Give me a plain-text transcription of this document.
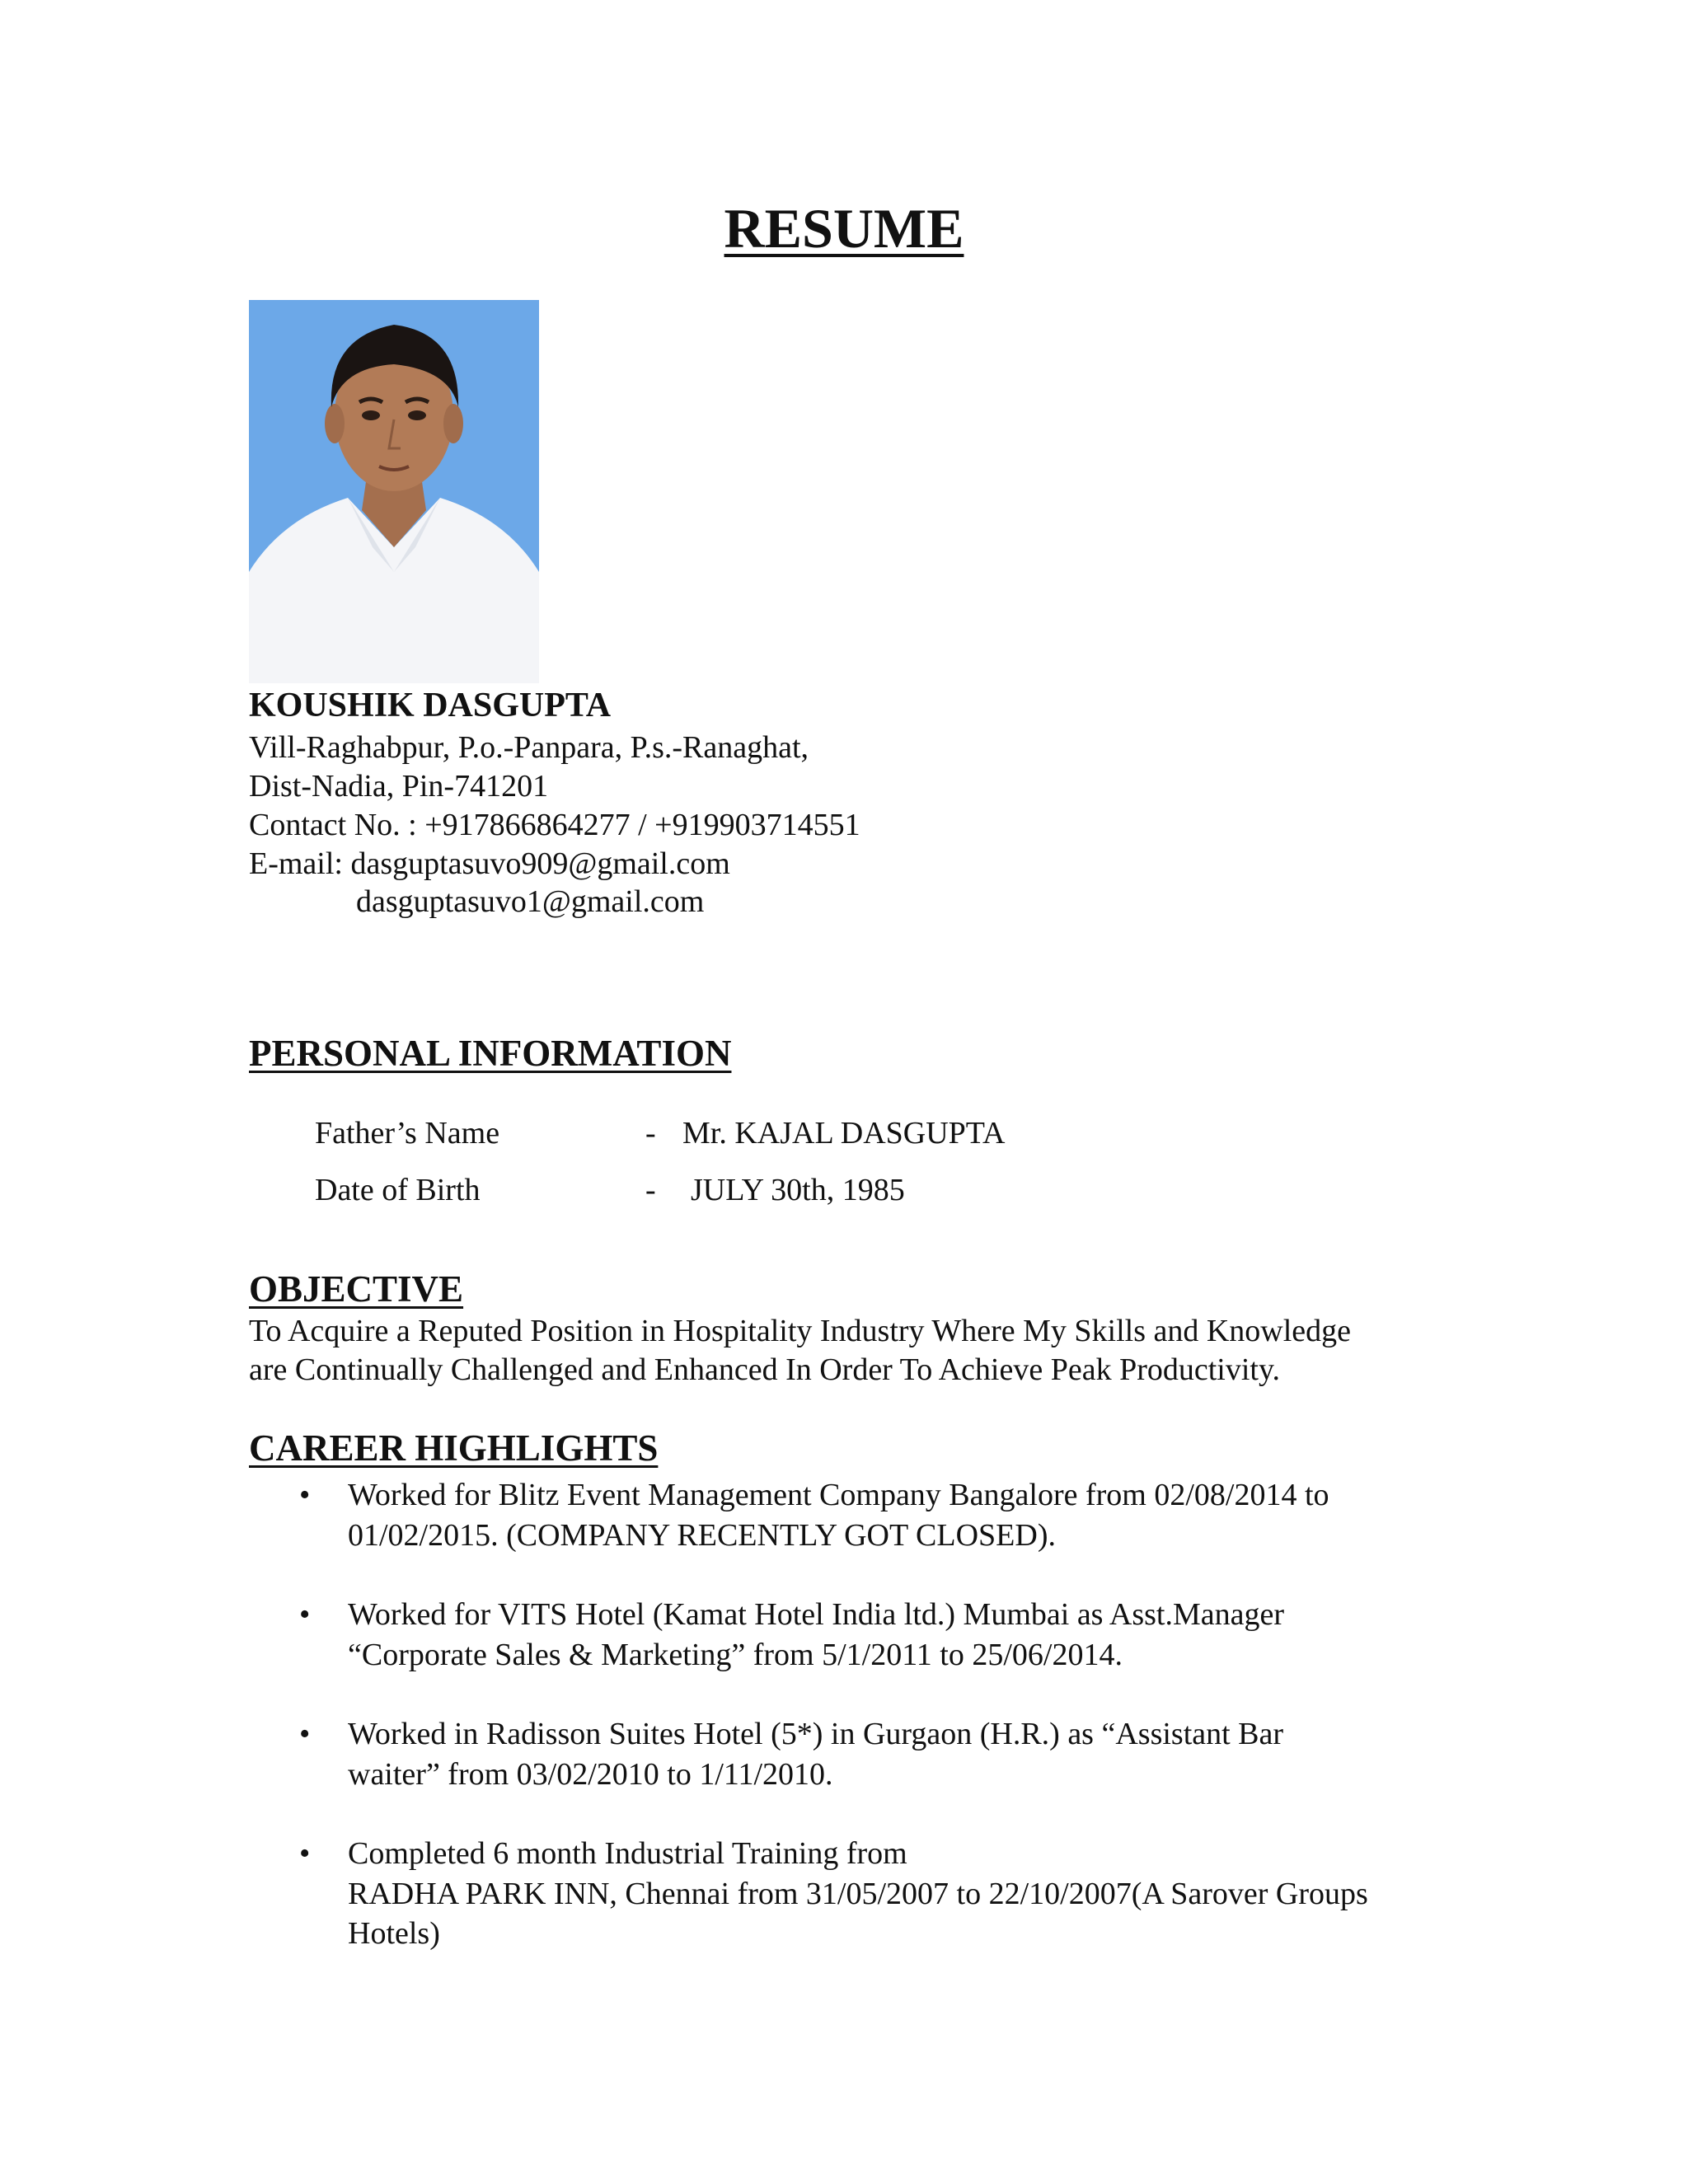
RESUME
KOUSHIK DASGUPTA
Vill-Raghabpur, P.o.-Panpara, P.s.-Ranaghat,
Dist-Nadia, Pin-741201
Contact No. : +917866864277 / +919903714551
E-mail: dasguptasuvo909@gmail.com
dasguptasuvo1@gmail.com
PERSONAL INFORMATION
Father’s Name	- Mr. KAJAL DASGUPTA
Date of Birth	- JULY 30th, 1985
OBJECTIVE
To Acquire a Reputed Position in Hospitality Industry Where My Skills and Knowledge
are Continually Challenged and Enhanced In Order To Achieve Peak Productivity.
CAREER HIGHLIGHTS
• Worked for Blitz Event Management Company Bangalore from 02/08/2014 to
01/02/2015. (COMPANY RECENTLY GOT CLOSED).
• Worked for VITS Hotel (Kamat Hotel India ltd.) Mumbai as Asst.Manager
“Corporate Sales & Marketing” from 5/1/2011 to 25/06/2014.
• Worked in Radisson Suites Hotel (5*) in Gurgaon (H.R.) as “Assistant Bar
waiter” from 03/02/2010 to 1/11/2010.
• Completed 6 month Industrial Training from
RADHA PARK INN, Chennai from 31/05/2007 to 22/10/2007(A Sarover Groups
Hotels)
